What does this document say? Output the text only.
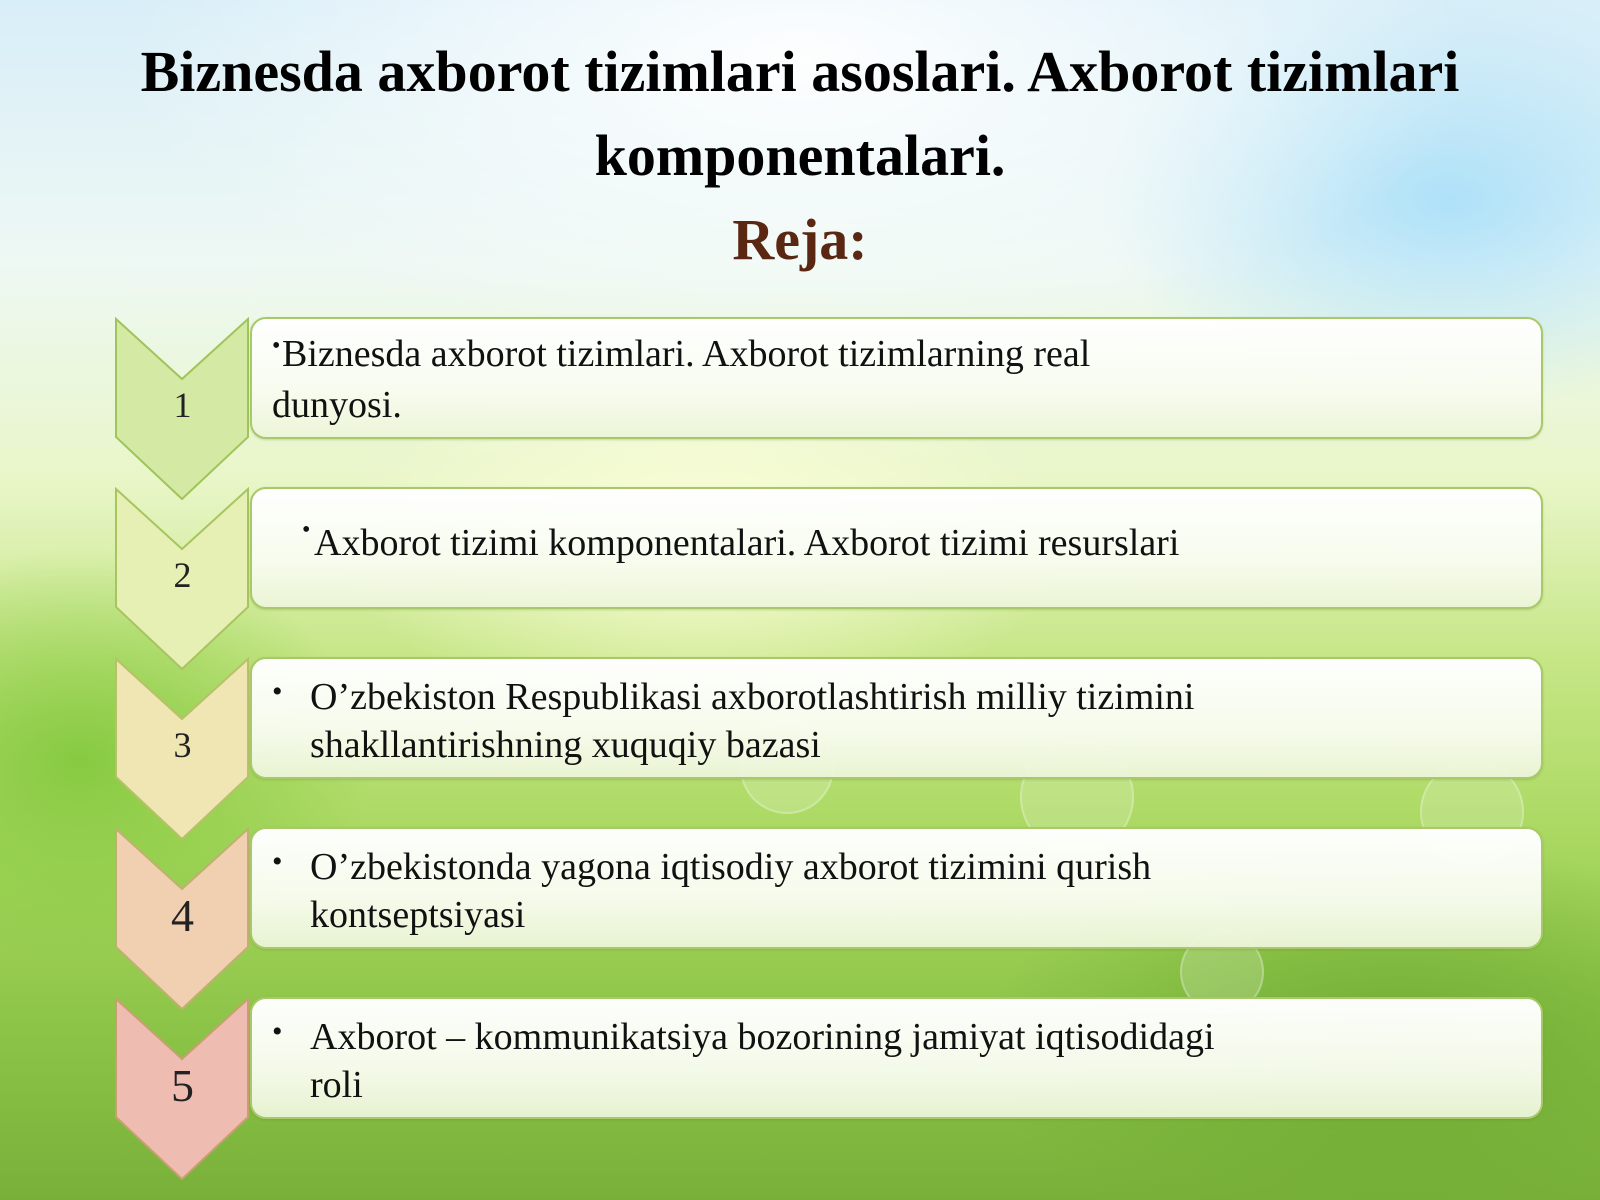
Biznesda axborot tizimlari asoslari. Axborot tizimlari
komponentalari.
Reja:
1
• Biznesda axborot tizimlari. Axborot tizimlarning real
dunyosi.
2
• Axborot tizimi komponentalari. Axborot tizimi resurslari
3
• O’zbekiston Respublikasi axborotlashtirish milliy tizimini
shakllantirishning xuquqiy bazasi
4
• O’zbekistonda yagona iqtisodiy axborot tizimini qurish
kontseptsiyasi
5
• Axborot – kommunikatsiya bozorining jamiyat iqtisodidagi
roli
